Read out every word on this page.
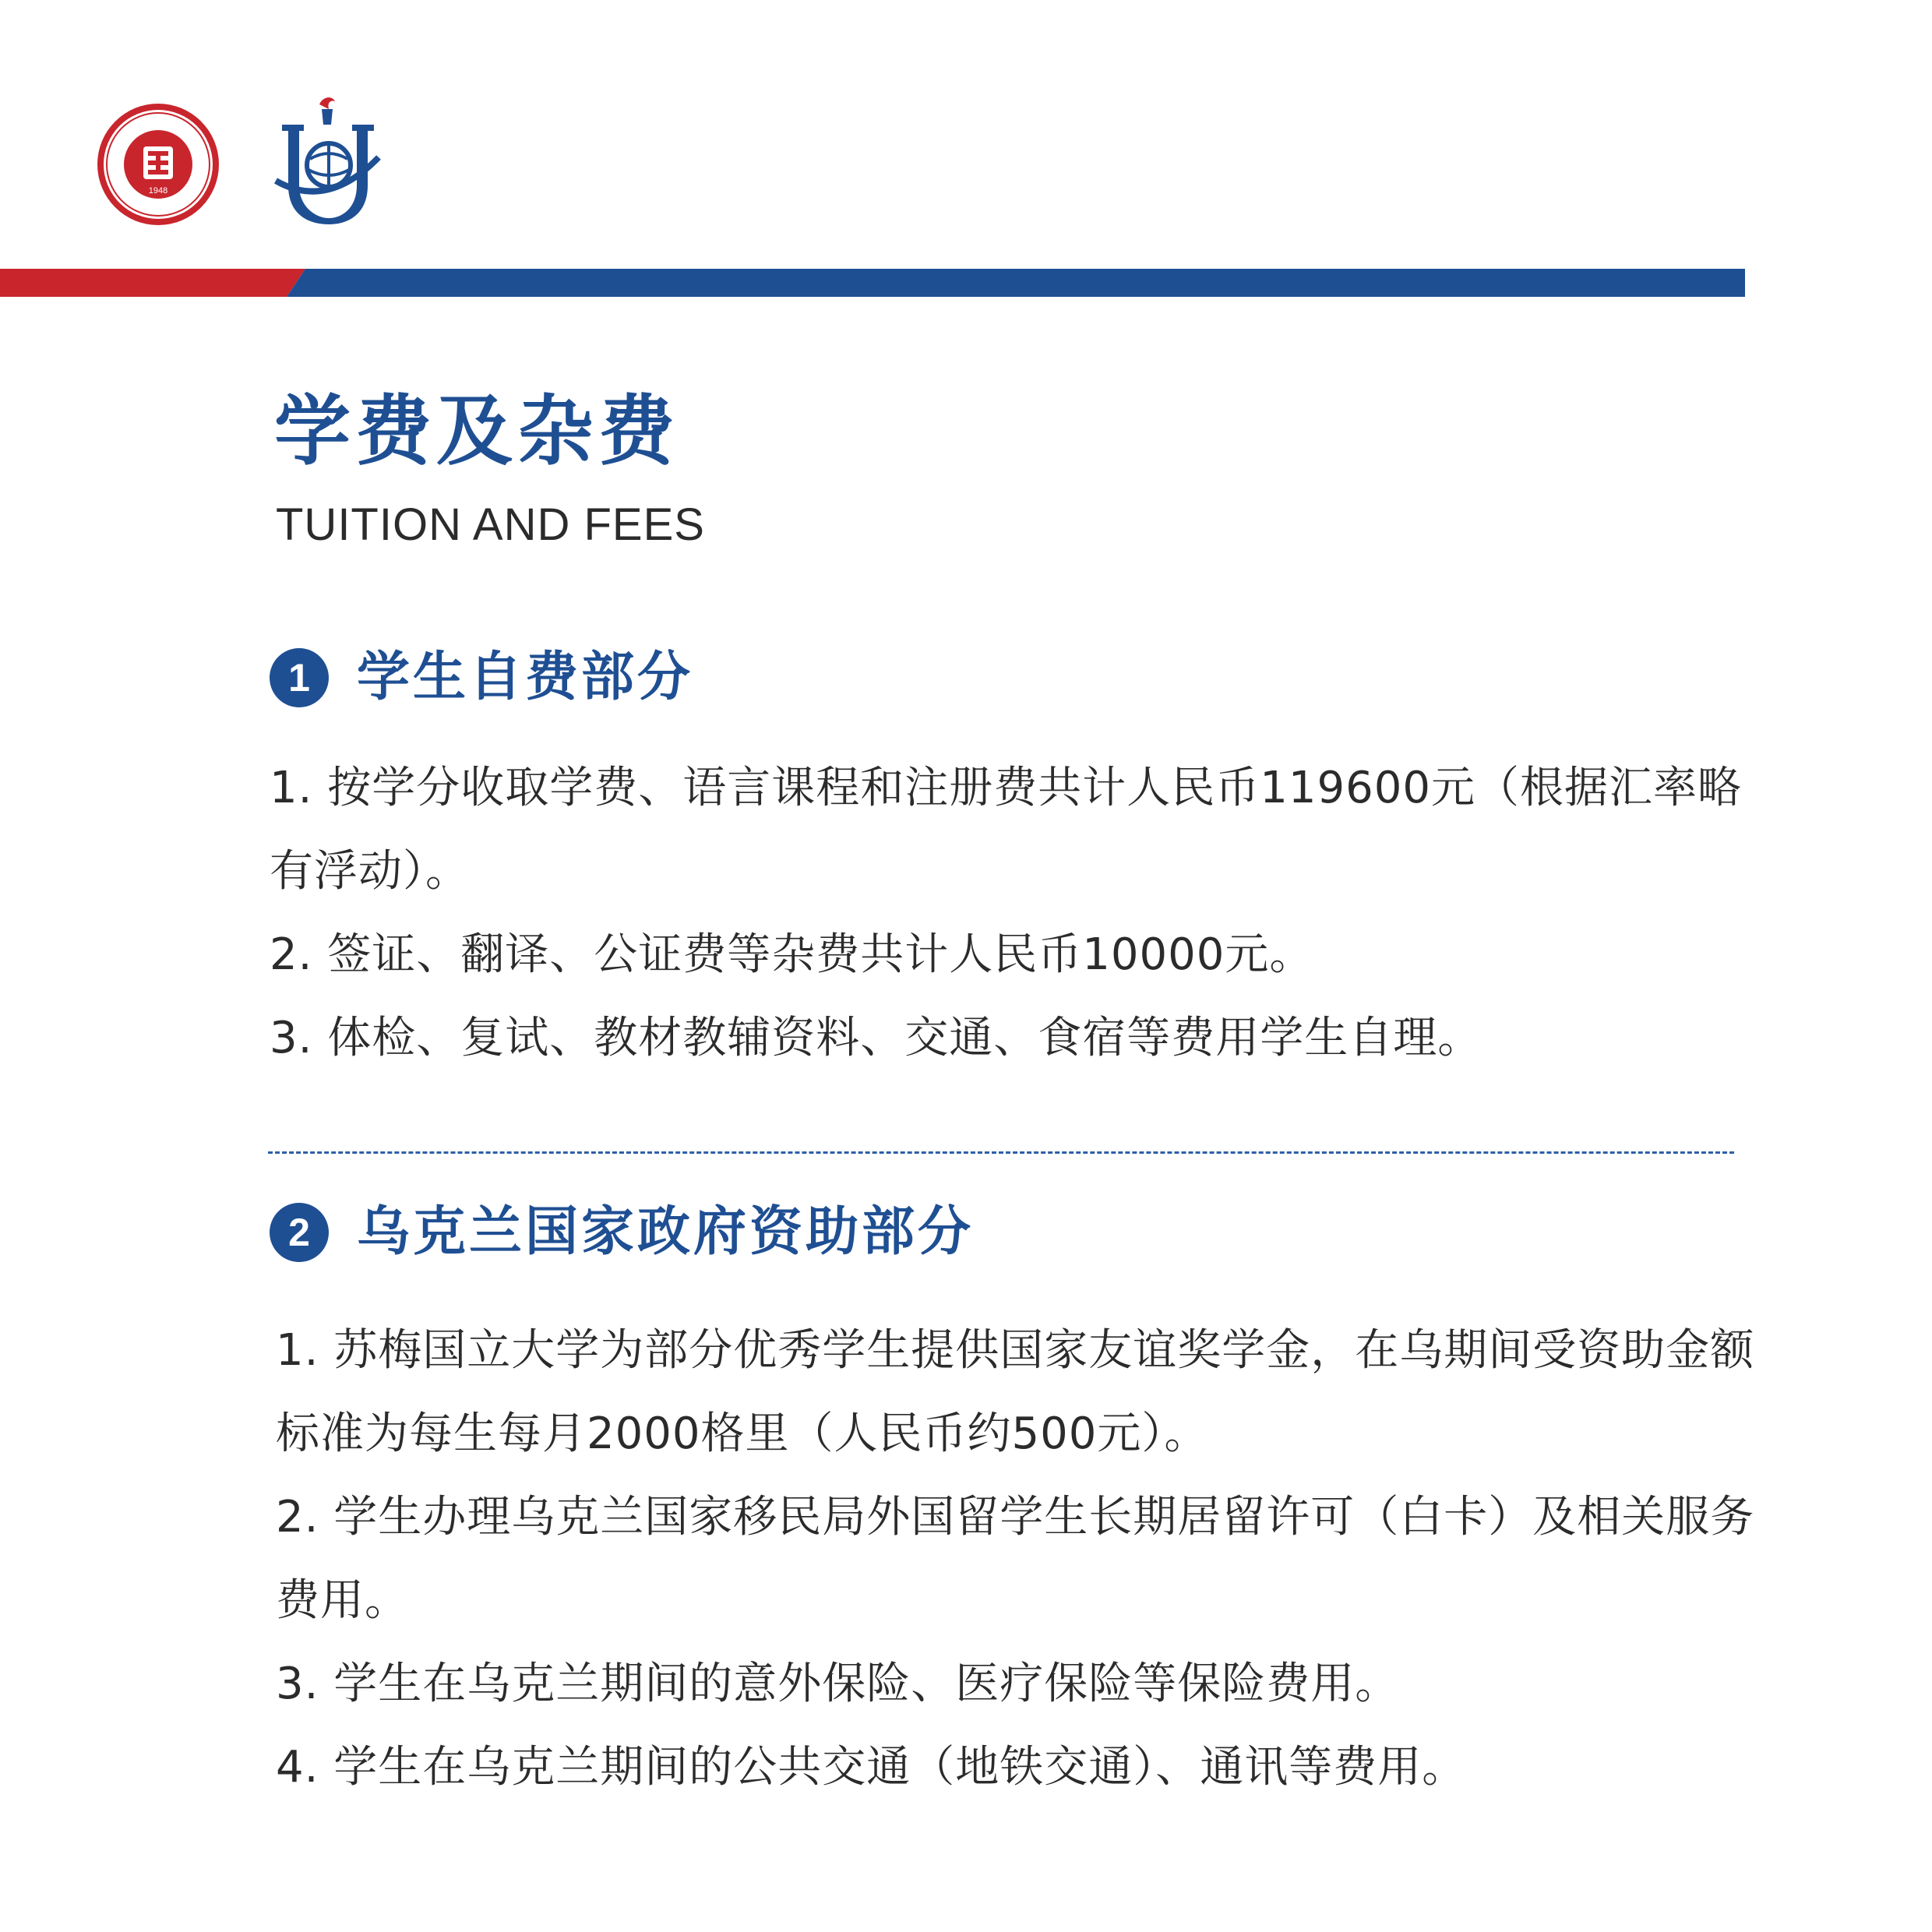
1948
学费及杂费
TUITION AND FEES
1 学生自费部分
1. 按学分收取学费、语言课程和注册费共计人民币119600元（根据汇率略有浮动）。
2. 签证、翻译、公证费等杂费共计人民币10000元。
3. 体检、复试、教材教辅资料、交通、食宿等费用学生自理。
2 乌克兰国家政府资助部分
1. 苏梅国立大学为部分优秀学生提供国家友谊奖学金，在乌期间受资助金额标准为每生每月2000格里（人民币约500元）。
2. 学生办理乌克兰国家移民局外国留学生长期居留许可（白卡）及相关服务费用。
3. 学生在乌克兰期间的意外保险、医疗保险等保险费用。
4. 学生在乌克兰期间的公共交通（地铁交通）、通讯等费用。
